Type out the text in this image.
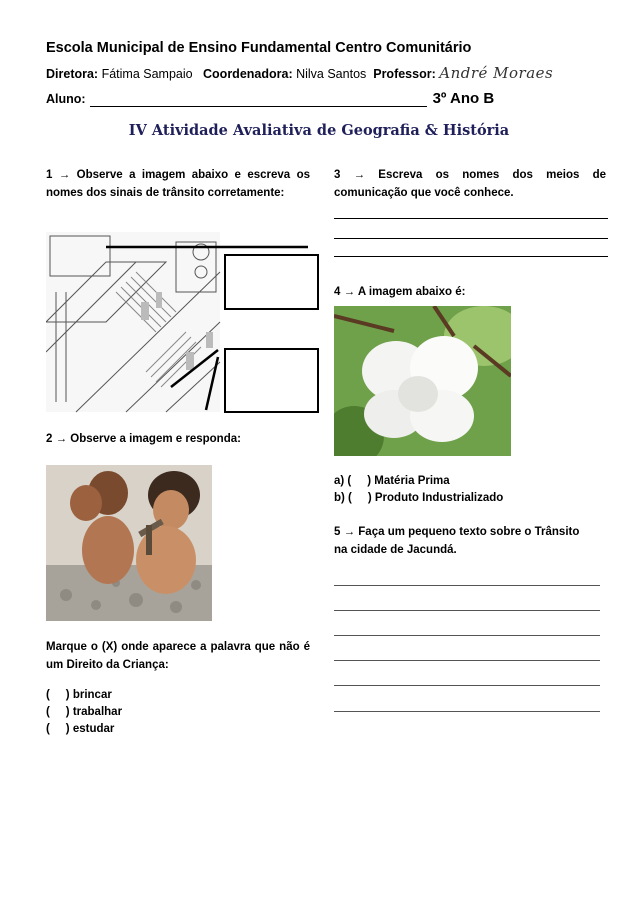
Escola Municipal de Ensino Fundamental Centro Comunitário
Diretora: Fátima Sampaio Coordenadora: Nilva Santos Professor: André Moraes
Aluno:	3º Ano B
IV Atividade Avaliativa de Geografia & História
1 → Observe a imagem abaixo e escreva os nomes dos sinais de trânsito corretamente:
2 → Observe a imagem e responda:
Marque o (X) onde aparece a palavra que não é um Direito da Criança:
(     ) brincar
(     ) trabalhar
(     ) estudar
3 → Escreva os nomes dos meios de comunicação que você conhece.
4 → A imagem abaixo é:
a) (     ) Matéria Prima
b) (     ) Produto Industrializado
5 → Faça um pequeno texto sobre o Trânsito na cidade de Jacundá.
